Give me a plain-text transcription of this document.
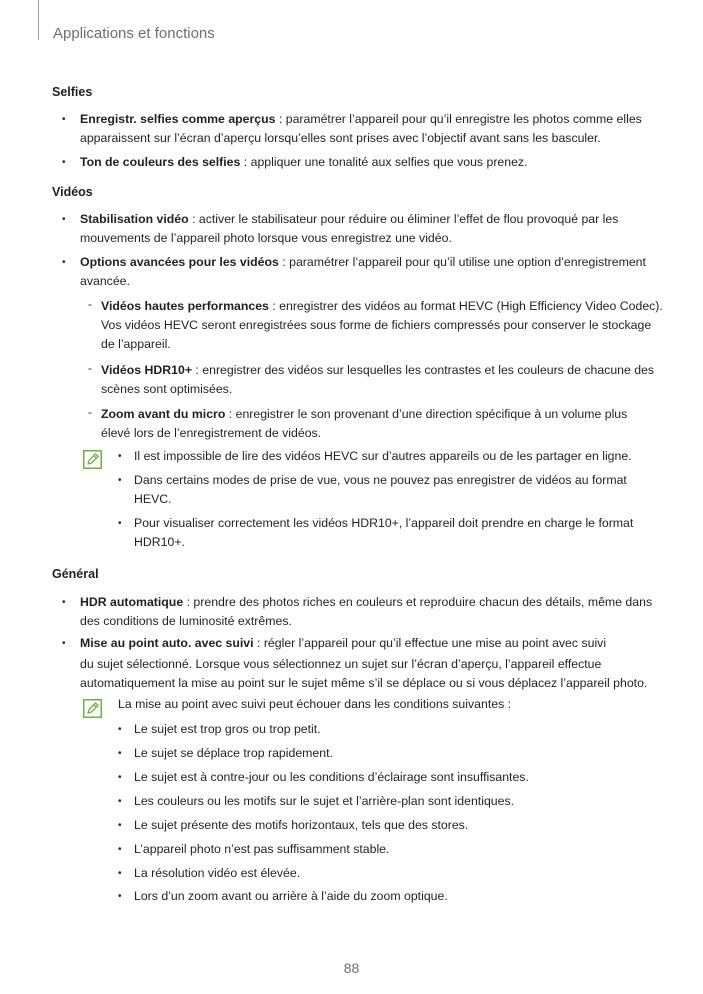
Applications et fonctions
Selfies
• Enregistr. selfies comme aperçus : paramétrer l’appareil pour qu’il enregistre les photos comme elles
apparaissent sur l’écran d’aperçu lorsqu’elles sont prises avec l’objectif avant sans les basculer.
• Ton de couleurs des selfies : appliquer une tonalité aux selfies que vous prenez.
Vidéos
• Stabilisation vidéo : activer le stabilisateur pour réduire ou éliminer l’effet de flou provoqué par les
mouvements de l’appareil photo lorsque vous enregistrez une vidéo.
• Options avancées pour les vidéos : paramétrer l’appareil pour qu’il utilise une option d’enregistrement
avancée.
- Vidéos hautes performances : enregistrer des vidéos au format HEVC (High Efficiency Video Codec).
Vos vidéos HEVC seront enregistrées sous forme de fichiers compressés pour conserver le stockage
de l’appareil.
- Vidéos HDR10+ : enregistrer des vidéos sur lesquelles les contrastes et les couleurs de chacune des
scènes sont optimisées.
- Zoom avant du micro : enregistrer le son provenant d’une direction spécifique à un volume plus
élevé lors de l’enregistrement de vidéos.
• Il est impossible de lire des vidéos HEVC sur d’autres appareils ou de les partager en ligne.
• Dans certains modes de prise de vue, vous ne pouvez pas enregistrer de vidéos au format
HEVC.
• Pour visualiser correctement les vidéos HDR10+, l’appareil doit prendre en charge le format
HDR10+.
Général
• HDR automatique : prendre des photos riches en couleurs et reproduire chacun des détails, même dans
des conditions de luminosité extrêmes.
• Mise au point auto. avec suivi : régler l’appareil pour qu’il effectue une mise au point avec suivi
du sujet sélectionné. Lorsque vous sélectionnez un sujet sur l’écran d’aperçu, l’appareil effectue
automatiquement la mise au point sur le sujet même s’il se déplace ou si vous déplacez l’appareil photo.
La mise au point avec suivi peut échouer dans les conditions suivantes :
• Le sujet est trop gros ou trop petit.
• Le sujet se déplace trop rapidement.
• Le sujet est à contre-jour ou les conditions d’éclairage sont insuffisantes.
• Les couleurs ou les motifs sur le sujet et l’arrière-plan sont identiques.
• Le sujet présente des motifs horizontaux, tels que des stores.
• L’appareil photo n’est pas suffisamment stable.
• La résolution vidéo est élevée.
• Lors d’un zoom avant ou arrière à l’aide du zoom optique.
88
